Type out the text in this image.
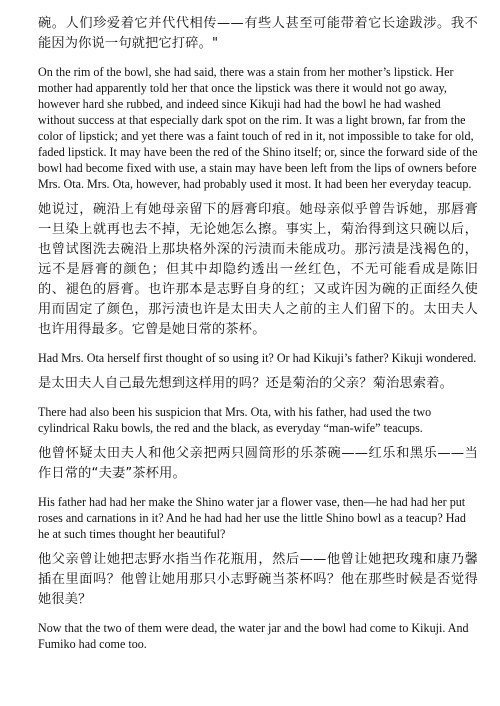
碗。人们珍爱着它并代代相传——有些人甚至可能带着它长途跋涉。我不能因为你说一句就把它打碎。"

On the rim of the bowl, she had said, there was a stain from her mother’s lipstick. Her mother had apparently told her that once the lipstick was there it would not go away, however hard she rubbed, and indeed since Kikuji had had the bowl he had washed without success at that especially dark spot on the rim. It was a light brown, far from the color of lipstick; and yet there was a faint touch of red in it, not impossible to take for old, faded lipstick. It may have been the red of the Shino itself; or, since the forward side of the bowl had become fixed with use, a stain may have been left from the lips of owners before Mrs. Ota. Mrs. Ota, however, had probably used it most. It had been her everyday teacup.

她说过，碗沿上有她母亲留下的唇膏印痕。她母亲似乎曾告诉她，那唇膏一旦染上就再也去不掉，无论她怎么擦。事实上，菊治得到这只碗以后，也曾试图洗去碗沿上那块格外深的污渍而未能成功。那污渍是浅褐色的，远不是唇膏的颜色；但其中却隐约透出一丝红色，不无可能看成是陈旧的、褪色的唇膏。也许那本是志野自身的红；又或许因为碗的正面经久使用而固定了颜色，那污渍也许是太田夫人之前的主人们留下的。太田夫人也许用得最多。它曾是她日常的茶杯。

Had Mrs. Ota herself first thought of so using it? Or had Kikuji’s father? Kikuji wondered.

是太田夫人自己最先想到这样用的吗？还是菊治的父亲？菊治思索着。

There had also been his suspicion that Mrs. Ota, with his father, had used the two cylindrical Raku bowls, the red and the black, as everyday “man-wife” teacups.

他曾怀疑太田夫人和他父亲把两只圆筒形的乐茶碗——红乐和黑乐——当作日常的“夫妻”茶杯用。

His father had had her make the Shino water jar a flower vase, then—he had had her put roses and carnations in it? And he had had her use the little Shino bowl as a teacup? Had he at such times thought her beautiful?

他父亲曾让她把志野水指当作花瓶用，然后——他曾让她把玫瑰和康乃馨插在里面吗？他曾让她用那只小志野碗当茶杯吗？他在那些时候是否觉得她很美？

Now that the two of them were dead, the water jar and the bowl had come to Kikuji. And Fumiko had come too.
